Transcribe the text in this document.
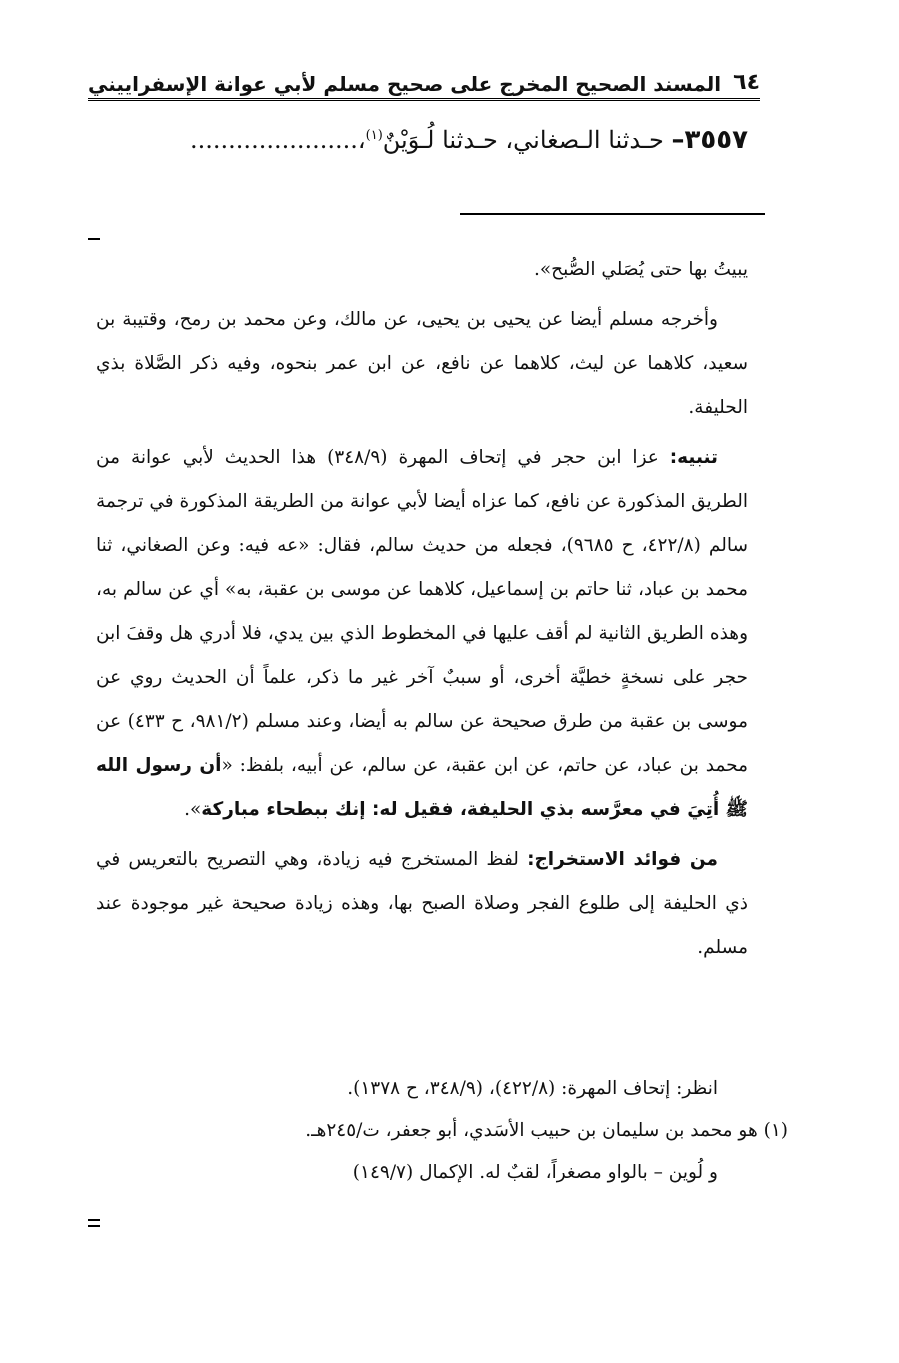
٦٤
المسند الصحيح المخرج على صحيح مسلم لأبي عوانة الإسفراييني
٣٥٥٧– حـدثنا الـصغاني، حـدثنا لُـوَيْنٌ$^{(١)}$،......................

يبيتُ بها حتى يُصَلي الصُّبح».

وأخرجه مسلم أيضا عن يحيى بن يحيى، عن مالك، وعن محمد بن رمح، وقتيبة بن سعيد، كلاهما عن ليث، كلاهما عن نافع، عن ابن عمر بنحوه، وفيه ذكر الصَّلاة بذي الحليفة.

تنبيه: عزا ابن حجر في إتحاف المهرة (٣٤٨/٩) هذا الحديث لأبي عوانة من الطريق المذكورة عن نافع، كما عزاه أيضا لأبي عوانة من الطريقة المذكورة في ترجمة سالم (٤٢٢/٨، ح ٩٦٨٥)، فجعله من حديث سالم، فقال: «عه فيه: وعن الصغاني، ثنا محمد بن عباد، ثنا حاتم بن إسماعيل، كلاهما عن موسى بن عقبة، به» أي عن سالم به، وهذه الطريق الثانية لم أقف عليها في المخطوط الذي بين يدي، فلا أدري هل وقفَ ابن حجر على نسخةٍ خطيَّة أخرى، أو سببٌ آخر غير ما ذكر، علماً أن الحديث روي عن موسى بن عقبة من طرق صحيحة عن سالم به أيضا، وعند مسلم (٩٨١/٢، ح ٤٣٣) عن محمد بن عباد، عن حاتم، عن ابن عقبة، عن سالم، عن أبيه، بلفظ: «أن رسول الله ﷺ أُتِيَ في معرَّسه بذي الحليفة، فقيل له: إنك ببطحاء مباركة».

من فوائد الاستخراج: لفظ المستخرج فيه زيادة، وهي التصريح بالتعريس في ذي الحليفة إلى طلوع الفجر وصلاة الصبح بها، وهذه زيادة صحيحة غير موجودة عند مسلم.

انظر: إتحاف المهرة: (٤٢٢/٨)، (٣٤٨/٩، ح ١٣٧٨).

(١) هو محمد بن سليمان بن حبيب الأسَدي، أبو جعفر، ت/٢٤٥هـ.

و لُوين – بالواو مصغراً، لقبٌ له. الإكمال (١٤٩/٧)
